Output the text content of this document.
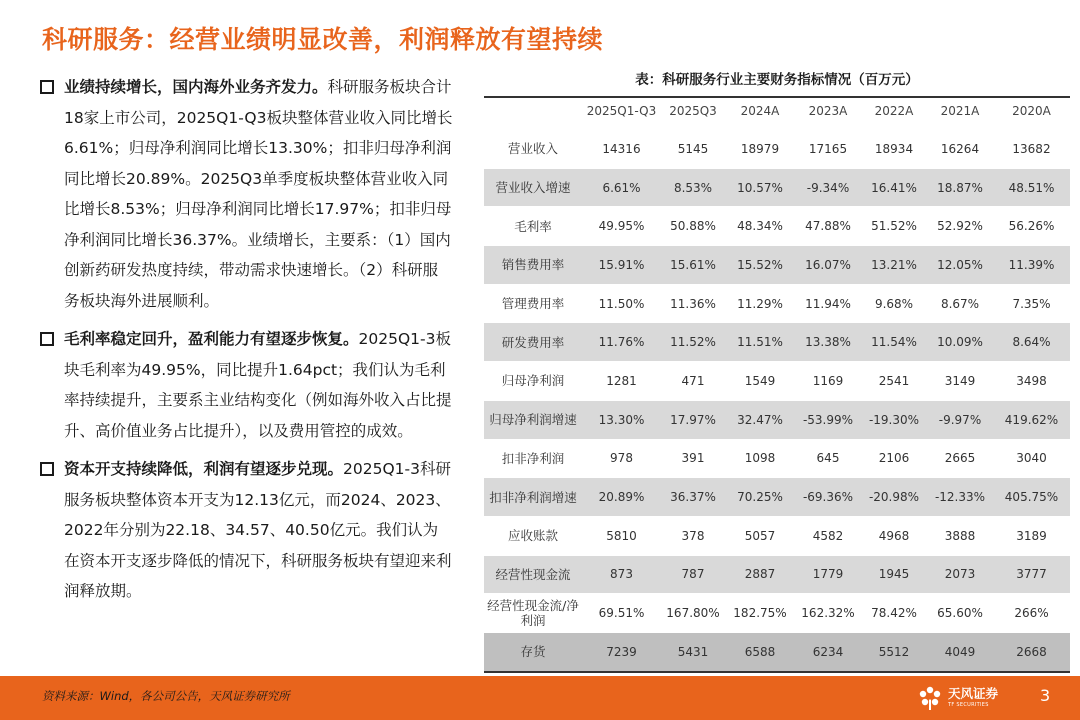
科研服务：经营业绩明显改善，利润释放有望持续
业绩持续增长，国内海外业务齐发力。科研服务板块合计18家上市公司，2025Q1-Q3板块整体营业收入同比增长6.61%；归母净利润同比增长13.30%；扣非归母净利润同比增长20.89%。2025Q3单季度板块整体营业收入同比增长8.53%；归母净利润同比增长17.97%；扣非归母净利润同比增长36.37%。业绩增长，主要系：（1）国内创新药研发热度持续，带动需求快速增长。（2）科研服务板块海外进展顺利。
毛利率稳定回升，盈利能力有望逐步恢复。2025Q1-3板块毛利率为49.95%，同比提升1.64pct；我们认为毛利率持续提升，主要系主业结构变化（例如海外收入占比提升、高价值业务占比提升），以及费用管控的成效。
资本开支持续降低，利润有望逐步兑现。2025Q1-3科研服务板块整体资本开支为12.13亿元，而2024、2023、2022年分别为22.18、34.57、40.50亿元。我们认为在资本开支逐步降低的情况下，科研服务板块有望迎来利润释放期。
表：科研服务行业主要财务指标情况（百万元）
	2025Q1-Q3	2025Q3	2024A	2023A	2022A	2021A	2020A
营业收入	14316	5145	18979	17165	18934	16264	13682
营业收入增速	6.61%	8.53%	10.57%	-9.34%	16.41%	18.87%	48.51%
毛利率	49.95%	50.88%	48.34%	47.88%	51.52%	52.92%	56.26%
销售费用率	15.91%	15.61%	15.52%	16.07%	13.21%	12.05%	11.39%
管理费用率	11.50%	11.36%	11.29%	11.94%	9.68%	8.67%	7.35%
研发费用率	11.76%	11.52%	11.51%	13.38%	11.54%	10.09%	8.64%
归母净利润	1281	471	1549	1169	2541	3149	3498
归母净利润增速	13.30%	17.97%	32.47%	-53.99%	-19.30%	-9.97%	419.62%
扣非净利润	978	391	1098	645	2106	2665	3040
扣非净利润增速	20.89%	36.37%	70.25%	-69.36%	-20.98%	-12.33%	405.75%
应收账款	5810	378	5057	4582	4968	3888	3189
经营性现金流	873	787	2887	1779	1945	2073	3777
经营性现金流/净利润	69.51%	167.80%	182.75%	162.32%	78.42%	65.60%	266%
存货	7239	5431	6588	6234	5512	4049	2668
资料来源：Wind，各公司公告，天风证券研究所	天风证券
TF SECURITIES
3
